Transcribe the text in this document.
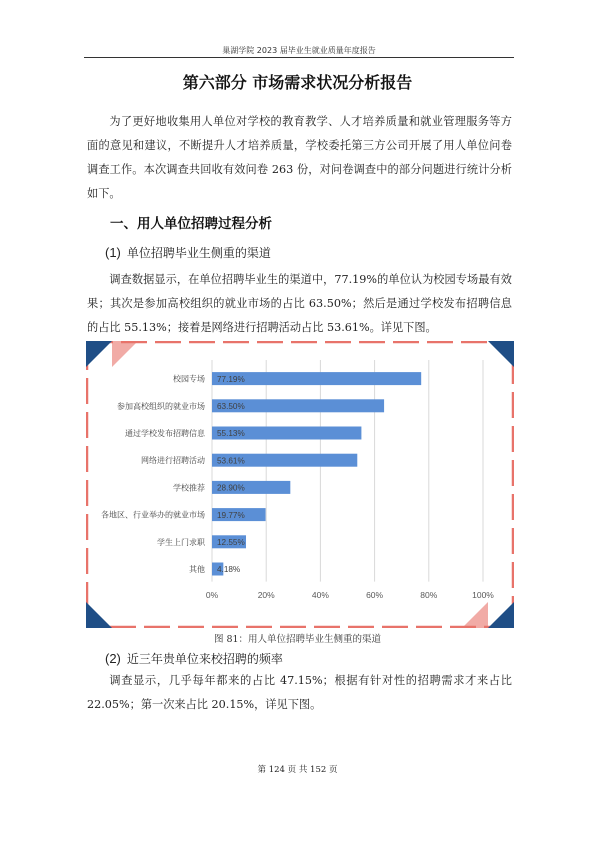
巢湖学院 2023 届毕业生就业质量年度报告
第六部分 市场需求状况分析报告

为了更好地收集用人单位对学校的教育教学、人才培养质量和就业管理服务等方面的意见和建议，不断提升人才培养质量，学校委托第三方公司开展了用人单位问卷调查工作。本次调查共回收有效问卷 263 份，对问卷调查中的部分问题进行统计分析如下。

一、用人单位招聘过程分析
(1) 单位招聘毕业生侧重的渠道

调查数据显示，在单位招聘毕业生的渠道中，77.19%的单位认为校园专场最有效果；其次是参加高校组织的就业市场的占比 63.50%；然后是通过学校发布招聘信息的占比 55.13%；接着是网络进行招聘活动占比 53.61%。详见下图。

0%	20%	40%	60%	80%	100%
校园专场 77.19%
参加高校组织的就业市场 63.50%
通过学校发布招聘信息 55.13%
网络进行招聘活动 53.61%
学校推荐 28.90%
各地区、行业举办的就业市场 19.77%
学生上门求职 12.55%
其他 4.18%
图 81：用人单位招聘毕业生侧重的渠道
(2) 近三年贵单位来校招聘的频率

调查显示，几乎每年都来的占比 47.15%；根据有针对性的招聘需求才来占比 22.05%；第一次来占比 20.15%，详见下图。

第 124 页 共 152 页
